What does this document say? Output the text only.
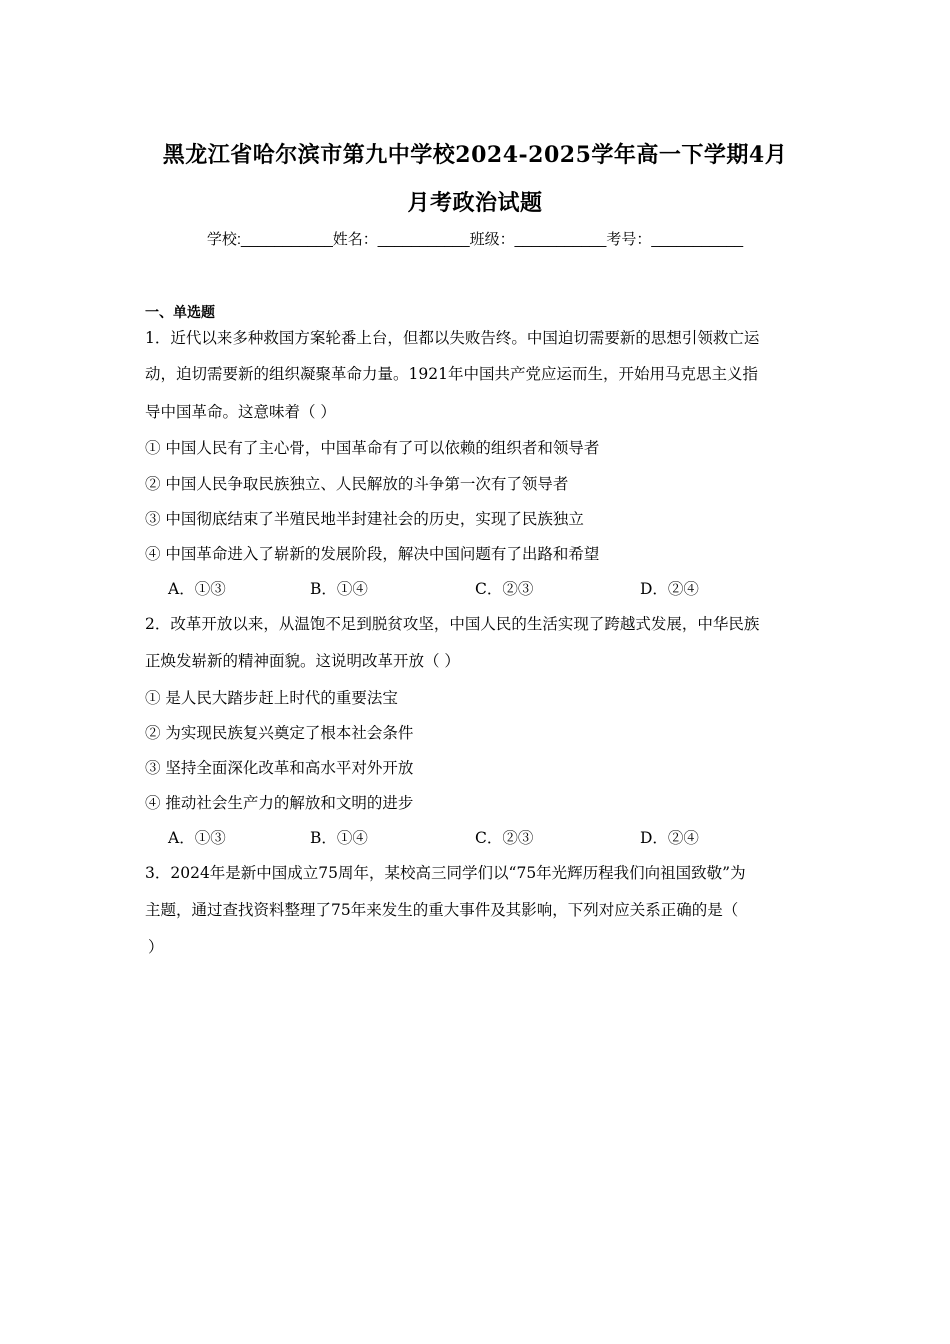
黑龙江省哈尔滨市第九中学校2024-2025学年高一下学期4月
月考政治试题
学校:___________姓名：___________班级：___________考号：___________
一、单选题
1．近代以来多种救国方案轮番上台，但都以失败告终。中国迫切需要新的思想引领救亡运
动，迫切需要新的组织凝聚革命力量。1921年中国共产党应运而生，开始用马克思主义指
导中国革命。这意味着（ ）
① 中国人民有了主心骨，中国革命有了可以依赖的组织者和领导者
② 中国人民争取民族独立、人民解放的斗争第一次有了领导者
③ 中国彻底结束了半殖民地半封建社会的历史，实现了民族独立
④ 中国革命进入了崭新的发展阶段，解决中国问题有了出路和希望
A．①③	B．①④	C．②③	D．②④
2．改革开放以来，从温饱不足到脱贫攻坚，中国人民的生活实现了跨越式发展，中华民族
正焕发崭新的精神面貌。这说明改革开放（ ）
① 是人民大踏步赶上时代的重要法宝
② 为实现民族复兴奠定了根本社会条件
③ 坚持全面深化改革和高水平对外开放
④ 推动社会生产力的解放和文明的进步
A．①③	B．①④	C．②③	D．②④
3．2024年是新中国成立75周年，某校高三同学们以“75年光辉历程我们向祖国致敬”为
主题，通过查找资料整理了75年来发生的重大事件及其影响，下列对应关系正确的是（
）
